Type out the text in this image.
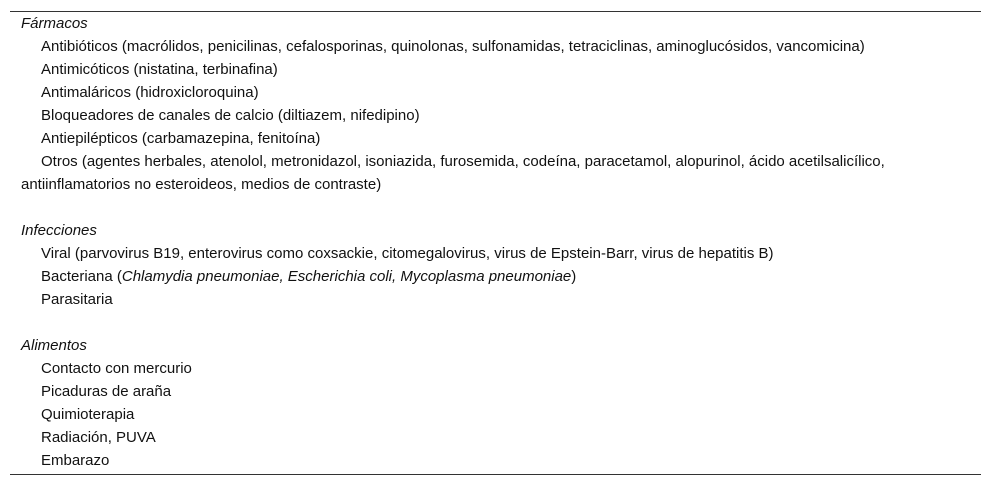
Fármacos

Antibióticos (macrólidos, penicilinas, cefalosporinas, quinolonas, sulfonamidas, tetraciclinas, aminoglucósidos, vancomicina)

Antimicóticos (nistatina, terbinafina)

Antimaláricos (hidroxicloroquina)

Bloqueadores de canales de calcio (diltiazem, nifedipino)

Antiepilépticos (carbamazepina, fenitoína)

Otros (agentes herbales, atenolol, metronidazol, isoniazida, furosemida, codeína, paracetamol, alopurinol, ácido acetilsalicílico, antiinflamatorios no esteroideos, medios de contraste)

Infecciones

Viral (parvovirus B19, enterovirus como coxsackie, citomegalovirus, virus de Epstein-Barr, virus de hepatitis B)

Bacteriana (Chlamydia pneumoniae, Escherichia coli, Mycoplasma pneumoniae)

Parasitaria

Alimentos

Contacto con mercurio

Picaduras de araña

Quimioterapia

Radiación, PUVA

Embarazo
